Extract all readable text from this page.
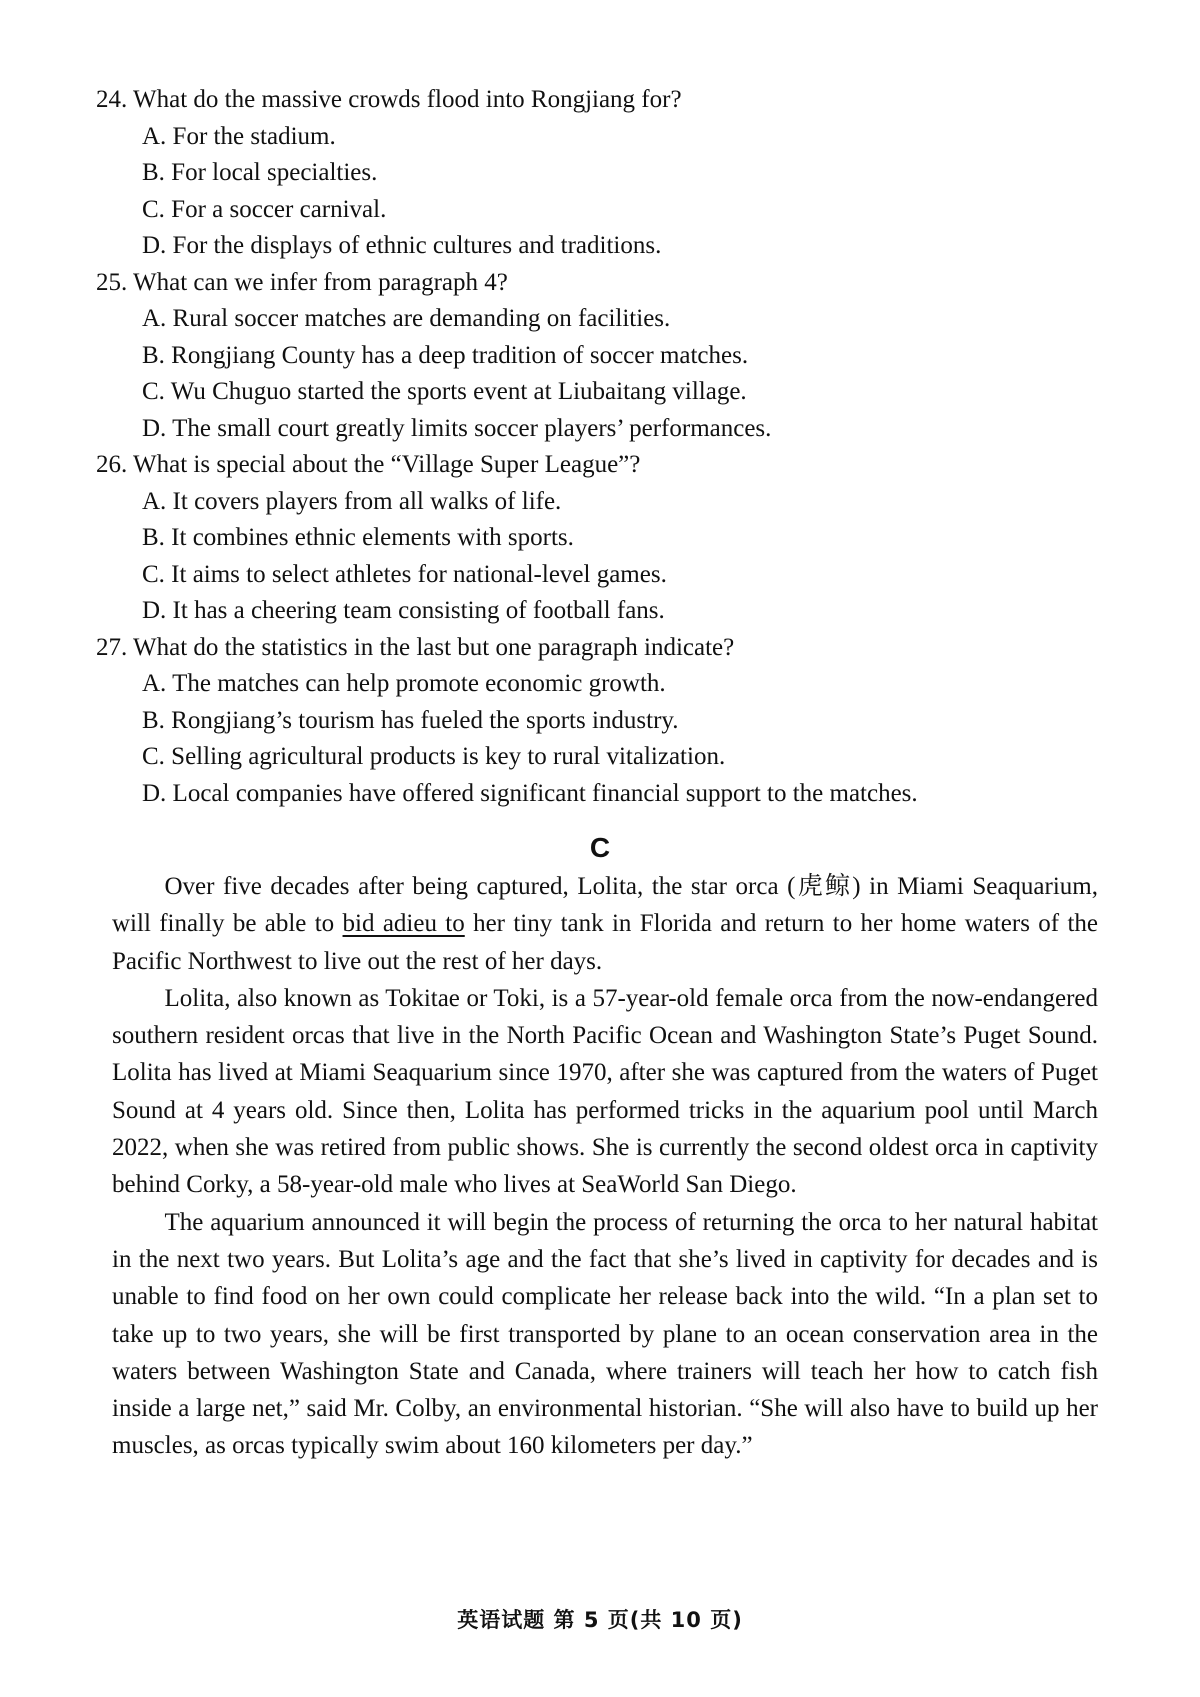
24. What do the massive crowds flood into Rongjiang for?
A. For the stadium.
B. For local specialties.
C. For a soccer carnival.
D. For the displays of ethnic cultures and traditions.
25. What can we infer from paragraph 4?
A. Rural soccer matches are demanding on facilities.
B. Rongjiang County has a deep tradition of soccer matches.
C. Wu Chuguo started the sports event at Liubaitang village.
D. The small court greatly limits soccer players’ performances.
26. What is special about the “Village Super League”?
A. It covers players from all walks of life.
B. It combines ethnic elements with sports.
C. It aims to select athletes for national-level games.
D. It has a cheering team consisting of football fans.
27. What do the statistics in the last but one paragraph indicate?
A. The matches can help promote economic growth.
B. Rongjiang’s tourism has fueled the sports industry.
C. Selling agricultural products is key to rural vitalization.
D. Local companies have offered significant financial support to the matches.
C

Over five decades after being captured, Lolita, the star orca (虎鲸) in Miami Seaquarium, will finally be able to bid adieu to her tiny tank in Florida and return to her home waters of the Pacific Northwest to live out the rest of her days.

Lolita, also known as Tokitae or Toki, is a 57-year-old female orca from the now-endangered southern resident orcas that live in the North Pacific Ocean and Washington State’s Puget Sound. Lolita has lived at Miami Seaquarium since 1970, after she was captured from the waters of Puget Sound at 4 years old. Since then, Lolita has performed tricks in the aquarium pool until March 2022, when she was retired from public shows. She is currently the second oldest orca in captivity behind Corky, a 58-year-old male who lives at SeaWorld San Diego.

The aquarium announced it will begin the process of returning the orca to her natural habitat in the next two years. But Lolita’s age and the fact that she’s lived in captivity for decades and is unable to find food on her own could complicate her release back into the wild. “In a plan set to take up to two years, she will be first transported by plane to an ocean conservation area in the waters between Washington State and Canada, where trainers will teach her how to catch fish inside a large net,” said Mr. Colby, an environmental historian. “She will also have to build up her muscles, as orcas typically swim about 160 kilometers per day.”

英语试题 第 5 页(共 10 页)
